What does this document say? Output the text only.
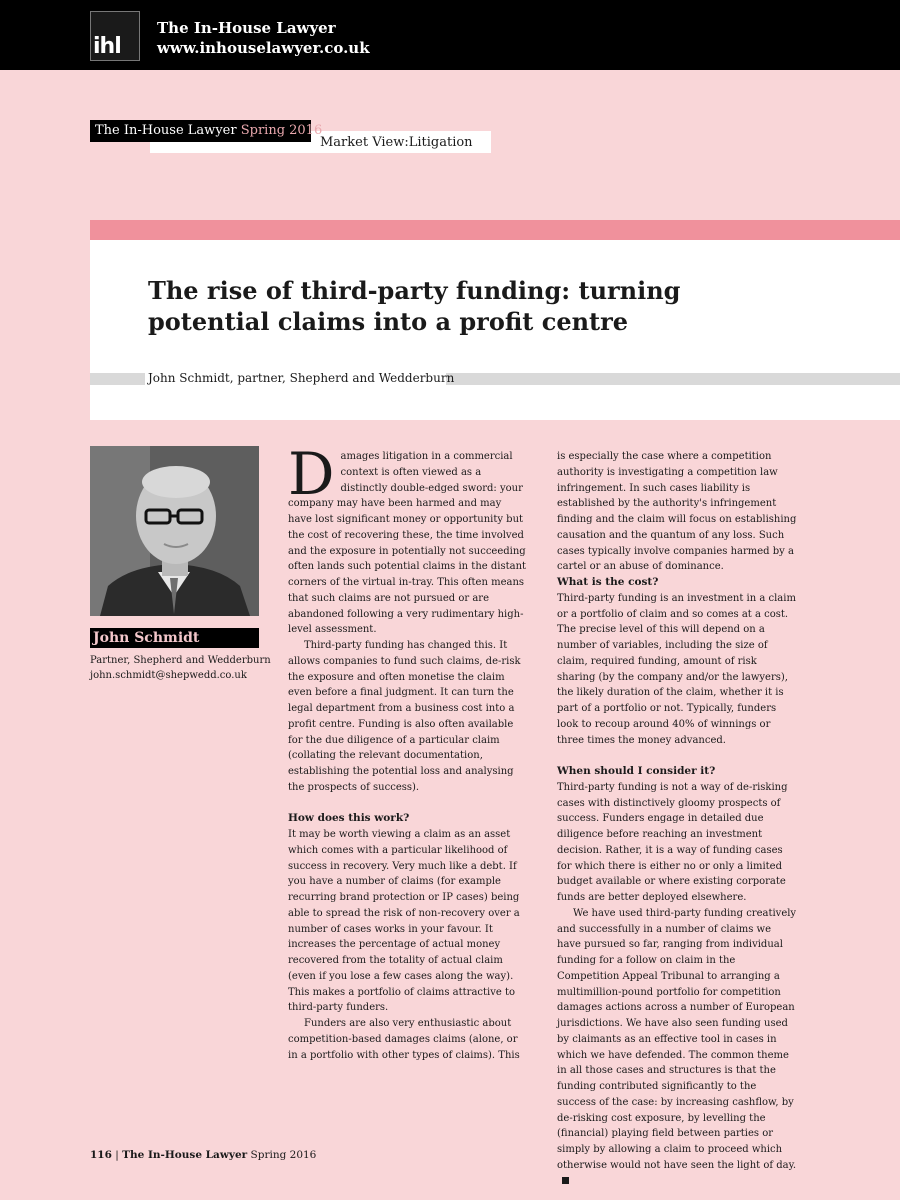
ihl
The In-House Lawyer
www.inhouselawyer.co.uk
The In-House Lawyer Spring 2016
Market View:Litigation
The rise of third-party funding: turning potential claims into a profit centre
John Schmidt, partner, Shepherd and Wedderburn
John Schmidt
Partner, Shepherd and Wedderburn
john.schmidt@shepwedd.co.uk

Damages litigation in a commercial context is often viewed as a distinctly double-edged sword: your company may have been harmed and may have lost significant money or opportunity but the cost of recovering these, the time involved and the exposure in potentially not succeeding often lands such potential claims in the distant corners of the virtual in-tray. This often means that such claims are not pursued or are abandoned following a very rudimentary high-level assessment.

Third-party funding has changed this. It allows companies to fund such claims, de-risk the exposure and often monetise the claim even before a final judgment. It can turn the legal department from a business cost into a profit centre. Funding is also often available for the due diligence of a particular claim (collating the relevant documentation, establishing the potential loss and analysing the prospects of success).

How does this work?

It may be worth viewing a claim as an asset which comes with a particular likelihood of success in recovery. Very much like a debt. If you have a number of claims (for example recurring brand protection or IP cases) being able to spread the risk of non-recovery over a number of cases works in your favour. It increases the percentage of actual money recovered from the totality of actual claim (even if you lose a few cases along the way). This makes a portfolio of claims attractive to third-party funders.

Funders are also very enthusiastic about competition-based damages claims (alone, or in a portfolio with other types of claims). This

is especially the case where a competition authority is investigating a competition law infringement. In such cases liability is established by the authority's infringement finding and the claim will focus on establishing causation and the quantum of any loss. Such cases typically involve companies harmed by a cartel or an abuse of dominance.

What is the cost?

Third-party funding is an investment in a claim or a portfolio of claim and so comes at a cost. The precise level of this will depend on a number of variables, including the size of claim, required funding, amount of risk sharing (by the company and/or the lawyers), the likely duration of the claim, whether it is part of a portfolio or not. Typically, funders look to recoup around 40% of winnings or three times the money advanced.

When should I consider it?

Third-party funding is not a way of de-risking cases with distinctively gloomy prospects of success. Funders engage in detailed due diligence before reaching an investment decision. Rather, it is a way of funding cases for which there is either no or only a limited budget available or where existing corporate funds are better deployed elsewhere.

We have used third-party funding creatively and successfully in a number of claims we have pursued so far, ranging from individual funding for a follow on claim in the Competition Appeal Tribunal to arranging a multimillion-pound portfolio for competition damages actions across a number of European jurisdictions. We have also seen funding used by claimants as an effective tool in cases in which we have defended. The common theme in all those cases and structures is that the funding contributed significantly to the success of the case: by increasing cashflow, by de-risking cost exposure, by levelling the (financial) playing field between parties or simply by allowing a claim to proceed which otherwise would not have seen the light of day.

116 | The In-House Lawyer Spring 2016
